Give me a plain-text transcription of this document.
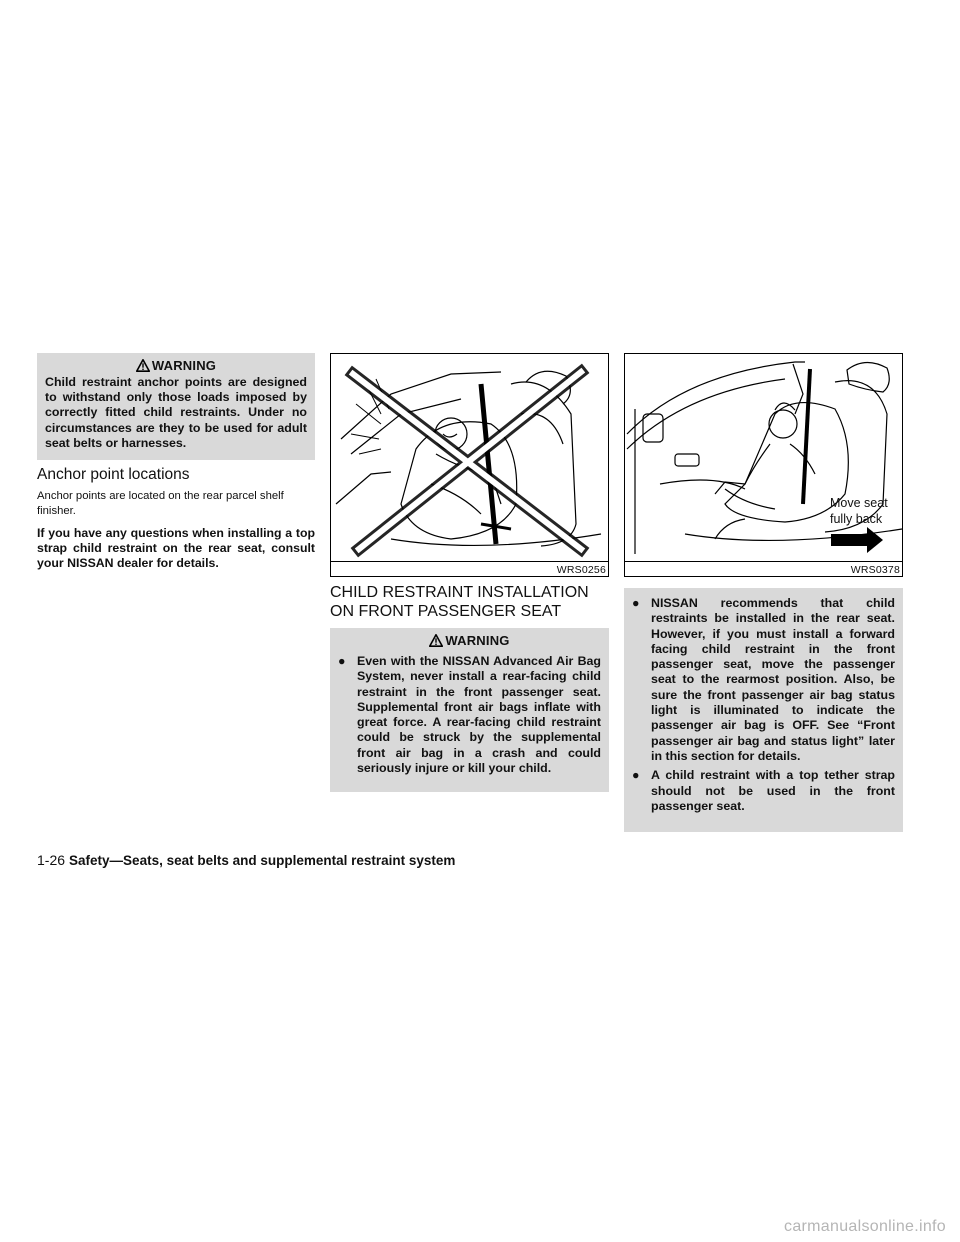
WARNING
Child restraint anchor points are designed to withstand only those loads imposed by correctly fitted child restraints. Under no circumstances are they to be used for adult seat belts or harnesses.
Anchor point locations
Anchor points are located on the rear parcel shelf finisher.
If you have any questions when installing a top strap child restraint on the rear seat, consult your NISSAN dealer for details.	WRS0256
Move seat
fully back
WRS0378
CHILD RESTRAINT INSTALLATION
ON FRONT PASSENGER SEAT
WARNING
● Even with the NISSAN Advanced Air Bag System, never install a rear-facing child restraint in the front passenger seat. Supplemental front air bags inflate with great force. A rear-facing child restraint could be struck by the supplemental front air bag in a crash and could seriously injure or kill your child.
● NISSAN recommends that child restraints be installed in the rear seat. However, if you must install a forward facing child restraint in the front passenger seat, move the passenger seat to the rearmost position. Also, be sure the front passenger air bag status light is illuminated to indicate the passenger air bag is OFF. See “Front passenger air bag and status light” later in this section for details.
● A child restraint with a top tether strap should not be used in the front passenger seat.
1-26 Safety—Seats, seat belts and supplemental restraint system
carmanualsonline.info
